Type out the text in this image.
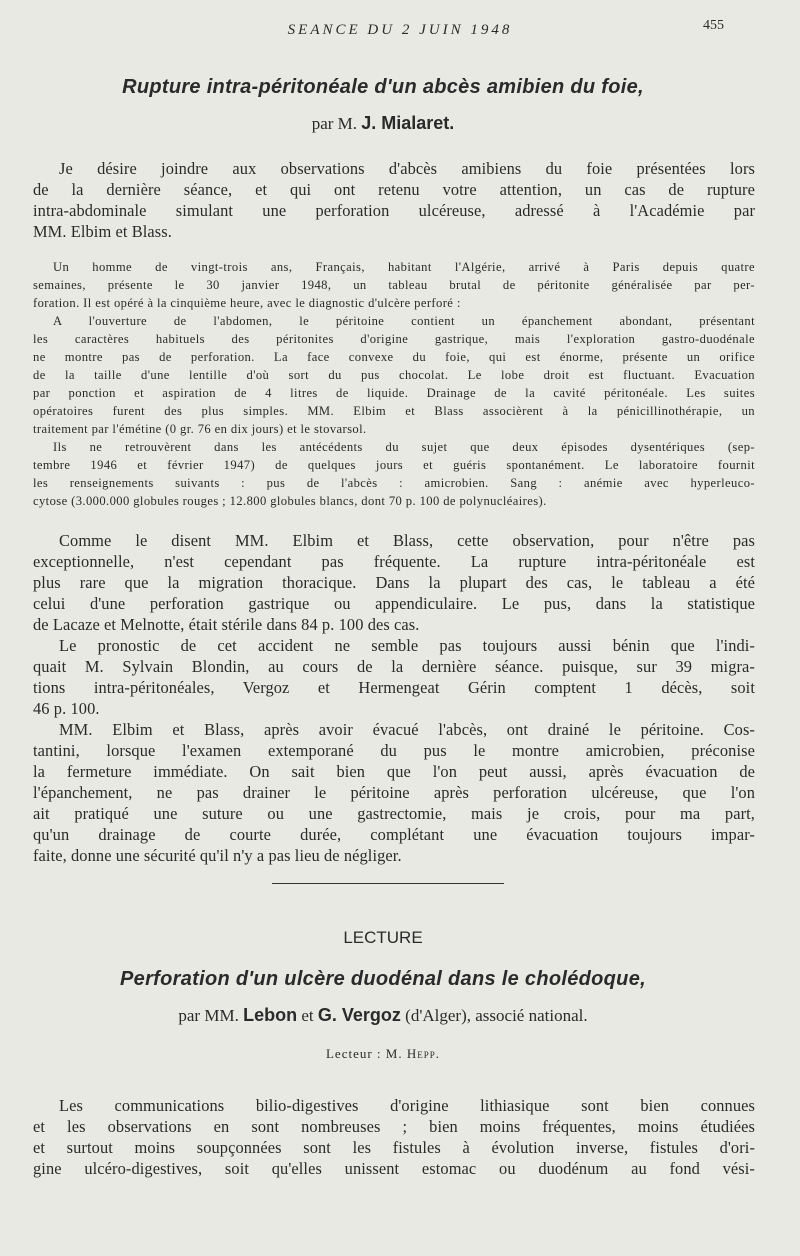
SEANCE DU 2 JUIN 1948	455
Rupture intra-péritonéale d'un abcès amibien du foie,
par M. J. Mialaret.
Je désire joindre aux observations d'abcès amibiens du foie présentées lors
de la dernière séance, et qui ont retenu votre attention, un cas de rupture
intra-abdominale simulant une perforation ulcéreuse, adressé à l'Académie par
MM. Elbim et Blass.
Un homme de vingt-trois ans, Français, habitant l'Algérie, arrivé à Paris depuis quatre
semaines, présente le 30 janvier 1948, un tableau brutal de péritonite généralisée par per-
foration. Il est opéré à la cinquième heure, avec le diagnostic d'ulcère perforé :
A l'ouverture de l'abdomen, le péritoine contient un épanchement abondant, présentant
les caractères habituels des péritonites d'origine gastrique, mais l'exploration gastro-duodénale
ne montre pas de perforation. La face convexe du foie, qui est énorme, présente un orifice
de la taille d'une lentille d'où sort du pus chocolat. Le lobe droit est fluctuant. Evacuation
par ponction et aspiration de 4 litres de liquide. Drainage de la cavité péritonéale. Les suites
opératoires furent des plus simples. MM. Elbim et Blass associèrent à la pénicillinothérapie, un
traitement par l'émétine (0 gr. 76 en dix jours) et le stovarsol.
Ils ne retrouvèrent dans les antécédents du sujet que deux épisodes dysentériques (sep-
tembre 1946 et février 1947) de quelques jours et guéris spontanément. Le laboratoire fournit
les renseignements suivants : pus de l'abcès : amicrobien. Sang : anémie avec hyperleuco-
cytose (3.000.000 globules rouges ; 12.800 globules blancs, dont 70 p. 100 de polynucléaires).
Comme le disent MM. Elbim et Blass, cette observation, pour n'être pas
exceptionnelle, n'est cependant pas fréquente. La rupture intra-péritonéale est
plus rare que la migration thoracique. Dans la plupart des cas, le tableau a été
celui d'une perforation gastrique ou appendiculaire. Le pus, dans la statistique
de Lacaze et Melnotte, était stérile dans 84 p. 100 des cas.
Le pronostic de cet accident ne semble pas toujours aussi bénin que l'indi-
quait M. Sylvain Blondin, au cours de la dernière séance. puisque, sur 39 migra-
tions intra-péritonéales, Vergoz et Hermengeat Gérin comptent 1 décès, soit
46 p. 100.
MM. Elbim et Blass, après avoir évacué l'abcès, ont drainé le péritoine. Cos-
tantini, lorsque l'examen extemporané du pus le montre amicrobien, préconise
la fermeture immédiate. On sait bien que l'on peut aussi, après évacuation de
l'épanchement, ne pas drainer le péritoine après perforation ulcéreuse, que l'on
ait pratiqué une suture ou une gastrectomie, mais je crois, pour ma part,
qu'un drainage de courte durée, complétant une évacuation toujours impar-
faite, donne une sécurité qu'il n'y a pas lieu de négliger.
LECTURE
Perforation d'un ulcère duodénal dans le cholédoque,
par MM. Lebon et G. Vergoz (d'Alger), associé national.
Lecteur : M. Hepp.
Les communications bilio-digestives d'origine lithiasique sont bien connues
et les observations en sont nombreuses ; bien moins fréquentes, moins étudiées
et surtout moins soupçonnées sont les fistules à évolution inverse, fistules d'ori-
gine ulcéro-digestives, soit qu'elles unissent estomac ou duodénum au fond vési-
